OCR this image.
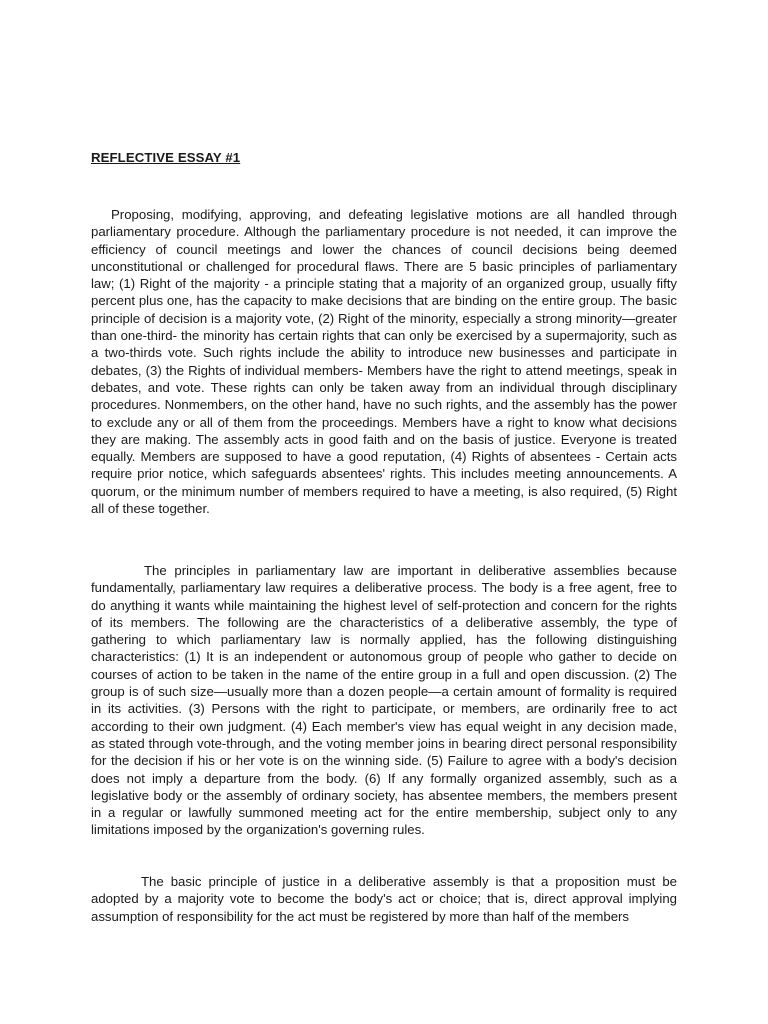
REFLECTIVE ESSAY #1

Proposing, modifying, approving, and defeating legislative motions are all handled through parliamentary procedure. Although the parliamentary procedure is not needed, it can improve the efficiency of council meetings and lower the chances of council decisions being deemed unconstitutional or challenged for procedural flaws. There are 5 basic principles of parliamentary law; (1) Right of the majority - a principle stating that a majority of an organized group, usually fifty percent plus one, has the capacity to make decisions that are binding on the entire group. The basic principle of decision is a majority vote, (2) Right of the minority, especially a strong minority—greater than one-third- the minority has certain rights that can only be exercised by a supermajority, such as a two-thirds vote. Such rights include the ability to introduce new businesses and participate in debates, (3) the Rights of individual members- Members have the right to attend meetings, speak in debates, and vote. These rights can only be taken away from an individual through disciplinary procedures. Nonmembers, on the other hand, have no such rights, and the assembly has the power to exclude any or all of them from the proceedings. Members have a right to know what decisions they are making. The assembly acts in good faith and on the basis of justice. Everyone is treated equally. Members are supposed to have a good reputation, (4) Rights of absentees - Certain acts require prior notice, which safeguards absentees' rights. This includes meeting announcements. A quorum, or the minimum number of members required to have a meeting, is also required, (5) Right all of these together.

The principles in parliamentary law are important in deliberative assemblies because fundamentally, parliamentary law requires a deliberative process. The body is a free agent, free to do anything it wants while maintaining the highest level of self-protection and concern for the rights of its members. The following are the characteristics of a deliberative assembly, the type of gathering to which parliamentary law is normally applied, has the following distinguishing characteristics: (1) It is an independent or autonomous group of people who gather to decide on courses of action to be taken in the name of the entire group in a full and open discussion. (2) The group is of such size—usually more than a dozen people—a certain amount of formality is required in its activities. (3) Persons with the right to participate, or members, are ordinarily free to act according to their own judgment. (4) Each member's view has equal weight in any decision made, as stated through vote-through, and the voting member joins in bearing direct personal responsibility for the decision if his or her vote is on the winning side. (5) Failure to agree with a body's decision does not imply a departure from the body. (6) If any formally organized assembly, such as a legislative body or the assembly of ordinary society, has absentee members, the members present in a regular or lawfully summoned meeting act for the entire membership, subject only to any limitations imposed by the organization's governing rules.

The basic principle of justice in a deliberative assembly is that a proposition must be adopted by a majority vote to become the body's act or choice; that is, direct approval implying assumption of responsibility for the act must be registered by more than half of the members
